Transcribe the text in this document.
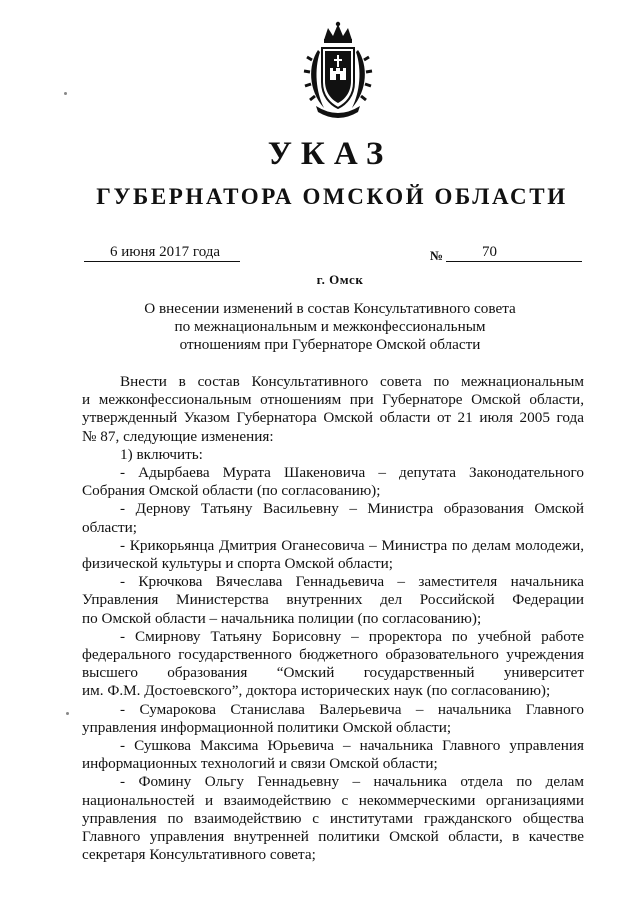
УКАЗ
ГУБЕРНАТОРА ОМСКОЙ ОБЛАСТИ
6 июня 2017 года	№	70
г. Омск
О внесении изменений в состав Консультативного совета
по межнациональным и межконфессиональным
отношениям при Губернаторе Омской области

Внести в состав Консультативного совета по межнациональным

и межконфессиональным отношениям при Губернаторе Омской области,

утвержденный Указом Губернатора Омской области от 21 июля 2005 года

№ 87, следующие изменения:

1) включить:

- Адырбаева Мурата Шакеновича – депутата Законодательного

Собрания Омской области (по согласованию);

- Дернову Татьяну Васильевну – Министра образования Омской

области;

- Крикорьянца Дмитрия Оганесовича – Министра по делам молодежи,

физической культуры и спорта Омской области;

- Крючкова Вячеслава Геннадьевича – заместителя начальника

Управления Министерства внутренних дел Российской Федерации

по Омской области – начальника полиции (по согласованию);

- Смирнову Татьяну Борисовну – проректора по учебной работе

федерального государственного бюджетного образовательного учреждения

высшего образования “Омский государственный университет

им. Ф.М. Достоевского”, доктора исторических наук (по согласованию);

- Сумарокова Станислава Валерьевича – начальника Главного

управления информационной политики Омской области;

- Сушкова Максима Юрьевича – начальника Главного управления

информационных технологий и связи Омской области;

- Фомину Ольгу Геннадьевну – начальника отдела по делам

национальностей и взаимодействию с некоммерческими организациями

управления по взаимодействию с институтами гражданского общества

Главного управления внутренней политики Омской области, в качестве

секретаря Консультативного совета;
